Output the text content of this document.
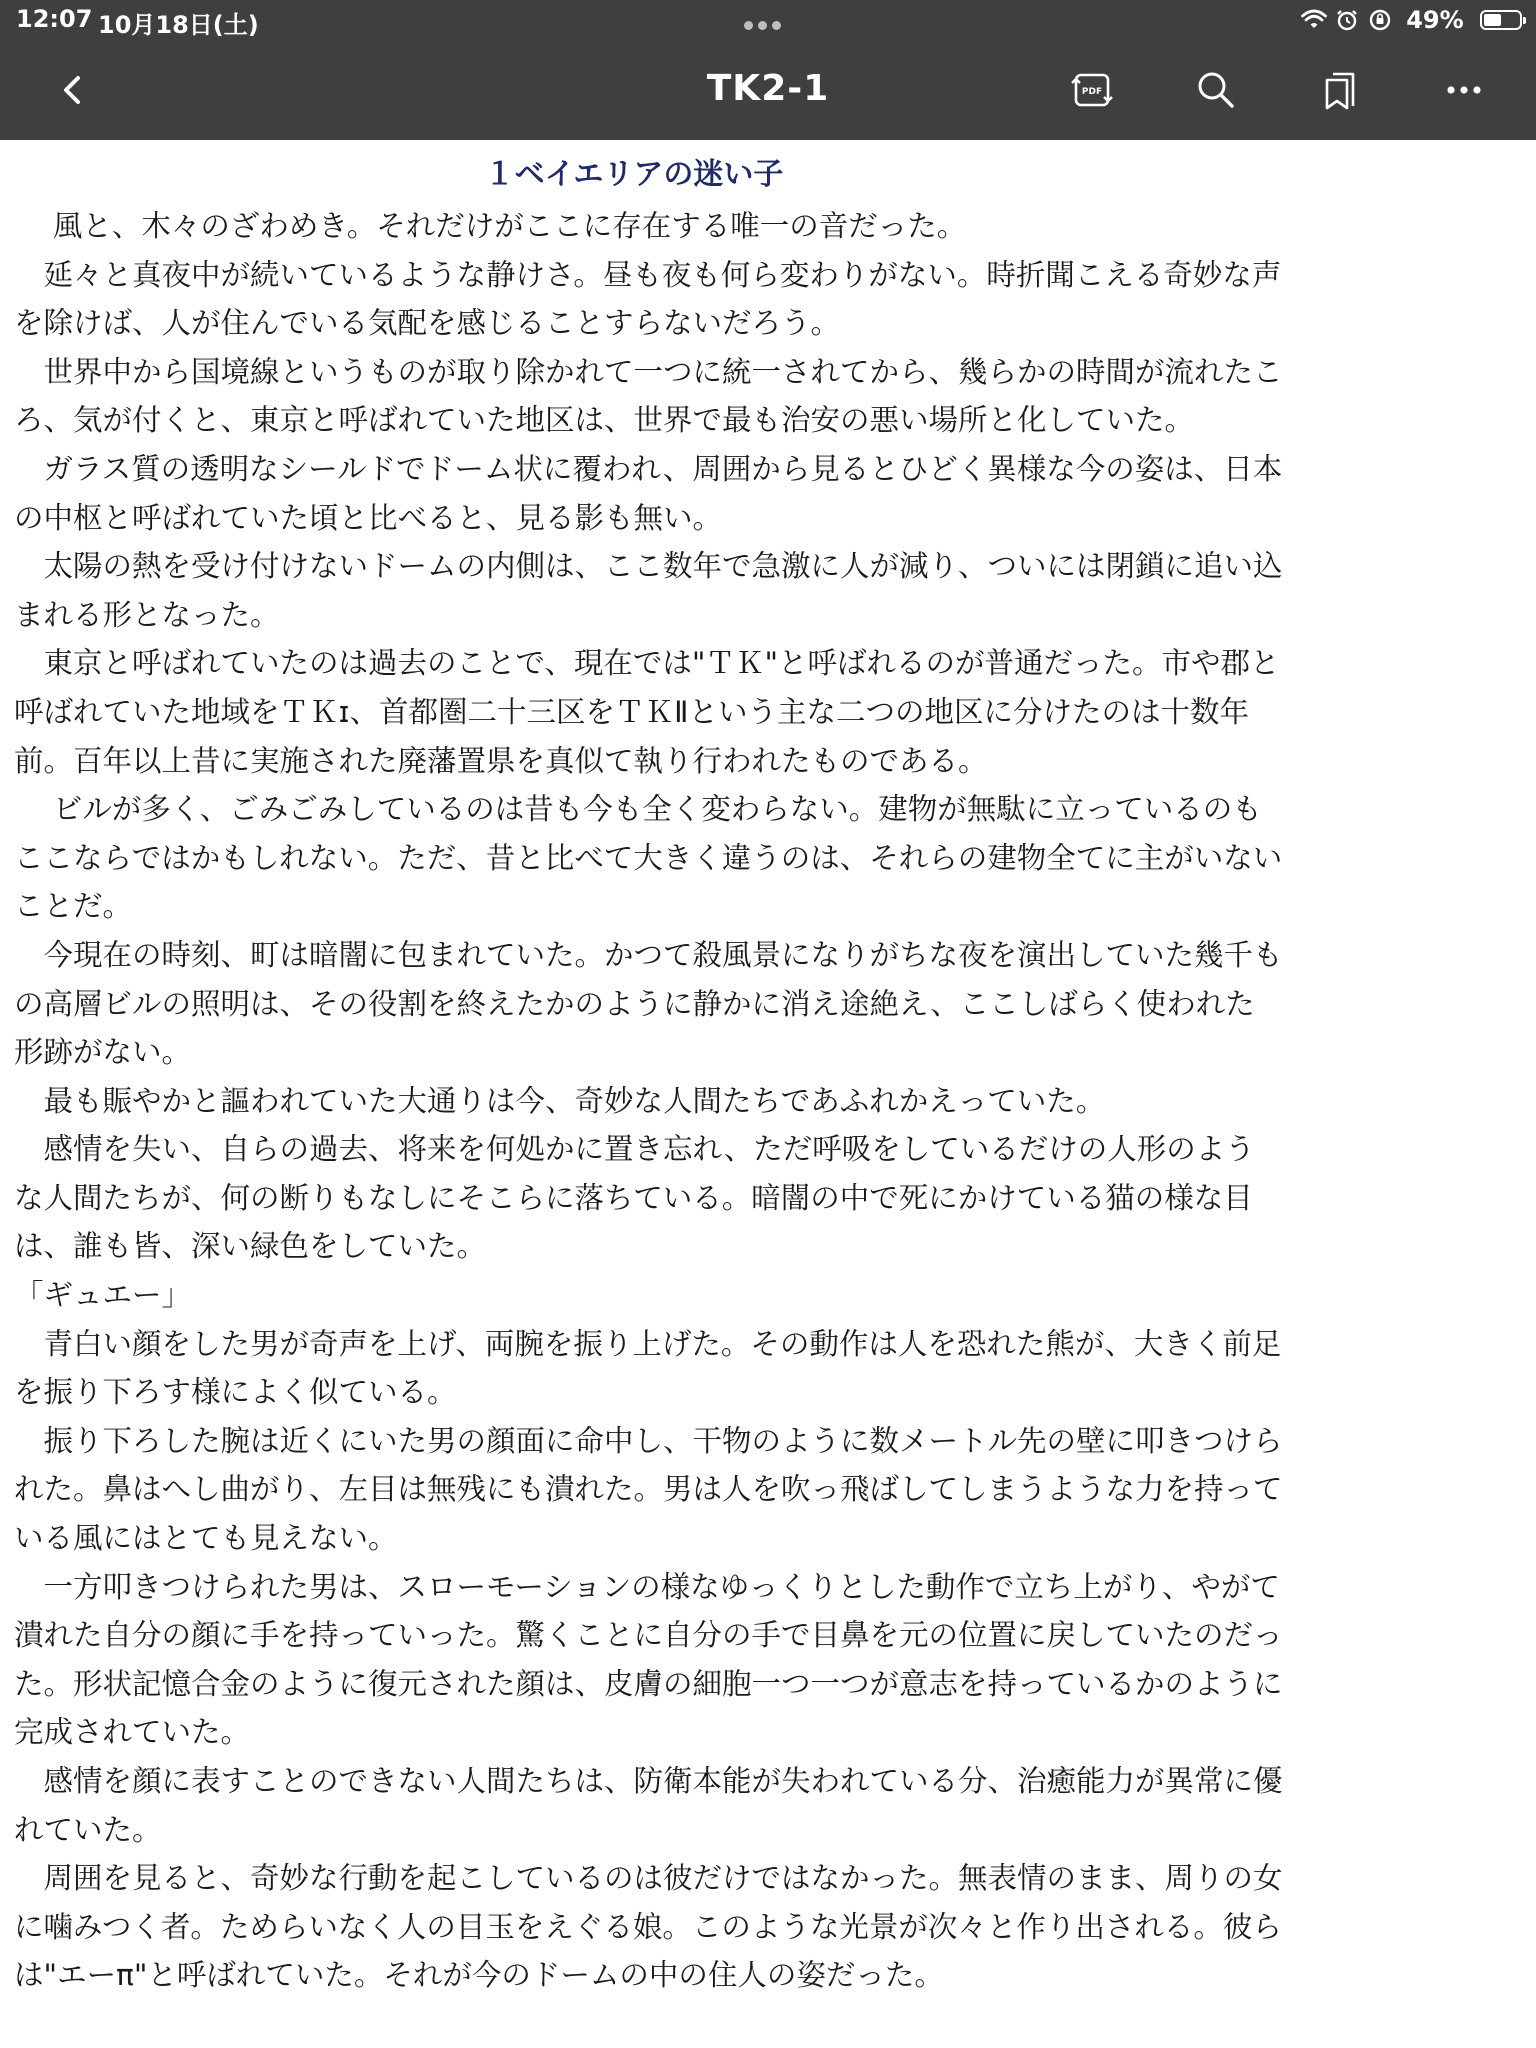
12:07 10月18日(土)	49%
TK2-1	PDF
１ベイエリアの迷い子

　 風と、木々のざわめき。それだけがここに存在する唯一の音だった。

　延々と真夜中が続いているような静けさ。昼も夜も何ら変わりがない。時折聞こえる奇妙な声を除けば、人が住んでいる気配を感じることすらないだろう。

　世界中から国境線というものが取り除かれて一つに統一されてから、幾らかの時間が流れたころ、気が付くと、東京と呼ばれていた地区は、世界で最も治安の悪い場所と化していた。

　ガラス質の透明なシールドでドーム状に覆われ、周囲から見るとひどく異様な今の姿は、日本の中枢と呼ばれていた頃と比べると、見る影も無い。

　太陽の熱を受け付けないドームの内側は、ここ数年で急激に人が減り、ついには閉鎖に追い込まれる形となった。

　東京と呼ばれていたのは過去のことで、現在では"ＴＫ"と呼ばれるのが普通だった。市や郡と呼ばれていた地域をＴＫɪ、首都圏二十三区をＴＫⅡという主な二つの地区に分けたのは十数年前。百年以上昔に実施された廃藩置県を真似て執り行われたものである。

　 ビルが多く、ごみごみしているのは昔も今も全く変わらない。建物が無駄に立っているのもここならではかもしれない。ただ、昔と比べて大きく違うのは、それらの建物全てに主がいないことだ。

　今現在の時刻、町は暗闇に包まれていた。かつて殺風景になりがちな夜を演出していた幾千もの高層ビルの照明は、その役割を終えたかのように静かに消え途絶え、ここしばらく使われた形跡がない。

　最も賑やかと謳われていた大通りは今、奇妙な人間たちであふれかえっていた。

　感情を失い、自らの過去、将来を何処かに置き忘れ、ただ呼吸をしているだけの人形のような人間たちが、何の断りもなしにそこらに落ちている。暗闇の中で死にかけている猫の様な目は、誰も皆、深い緑色をしていた。

「ギュエー」

　青白い顔をした男が奇声を上げ、両腕を振り上げた。その動作は人を恐れた熊が、大きく前足を振り下ろす様によく似ている。

　振り下ろした腕は近くにいた男の顔面に命中し、干物のように数メートル先の壁に叩きつけられた。鼻はへし曲がり、左目は無残にも潰れた。男は人を吹っ飛ばしてしまうような力を持っている風にはとても見えない。

　一方叩きつけられた男は、スローモーションの様なゆっくりとした動作で立ち上がり、やがて潰れた自分の顔に手を持っていった。驚くことに自分の手で目鼻を元の位置に戻していたのだった。形状記憶合金のように復元された顔は、皮膚の細胞一つ一つが意志を持っているかのように完成されていた。

　感情を顔に表すことのできない人間たちは、防衛本能が失われている分、治癒能力が異常に優れていた。

　周囲を見ると、奇妙な行動を起こしているのは彼だけではなかった。無表情のまま、周りの女に噛みつく者。ためらいなく人の目玉をえぐる娘。このような光景が次々と作り出される。彼らは"エーπ"と呼ばれていた。それが今のドームの中の住人の姿だった。
